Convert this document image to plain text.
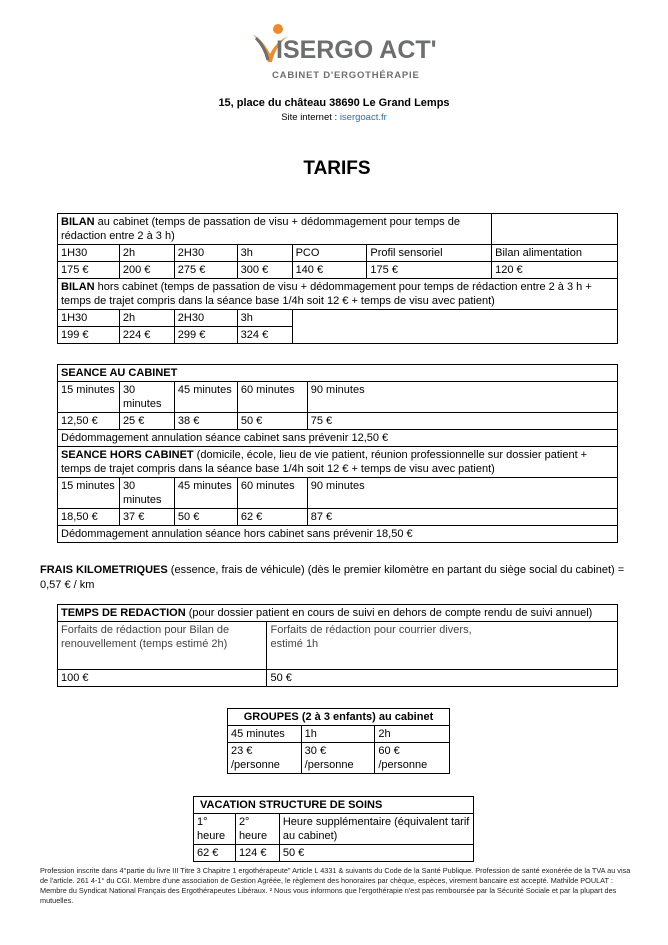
ISERGO ACT'
CABINET D'ERGOTHÉRAPIE
15, place du château 38690 Le Grand Lemps
Site internet : isergoact.fr
TARIFS
BILAN au cabinet (temps de passation de visu + dédommagement pour temps de rédaction entre 2 à 3 h)						
1H30	2h	2H30	3h	PCO	Profil sensoriel	Bilan alimentation
175 €	200 €	275 €	300 €	140 €	175 €	120 €
BILAN hors cabinet (temps de passation de visu + dédommagement pour temps de rédaction entre 2 à 3 h + temps de trajet compris dans la séance base 1/4h soit 12 € + temps de visu avec patient)						
1H30	2h	2H30	3h			
199 €	224 €	299 €	324 €			
SEANCE AU CABINET				
15 minutes	30 minutes	45 minutes	60 minutes	90 minutes
12,50 €	25 €	38 €	50 €	75 €
Dédommagement annulation séance cabinet sans prévenir 12,50 €				
SEANCE HORS CABINET (domicile, école, lieu de vie patient, réunion professionnelle sur dossier patient + temps de trajet compris dans la séance base 1/4h soit 12 € + temps de visu avec patient)				
15 minutes	30 minutes	45 minutes	60 minutes	90 minutes
18,50 €	37 €	50 €	62 €	87 €
Dédommagement annulation séance hors cabinet sans prévenir 18,50 €				
FRAIS KILOMETRIQUES (essence, frais de véhicule) (dès le premier kilomètre en partant du siège social du cabinet) = 0,57 € / km
TEMPS DE REDACTION (pour dossier patient en cours de suivi en dehors de compte rendu de suivi annuel)	
Forfaits de rédaction pour Bilan de renouvellement (temps estimé 2h)	Forfaits de rédaction pour courrier divers, estimé 1h

100 €	50 €
GROUPES (2 à 3 enfants) au cabinet		
45 minutes	1h	2h
23 € /personne	30 € /personne	60 € /personne
VACATION STRUCTURE DE SOINS		
1° heure	2° heure	Heure supplémentaire (équivalent tarif au cabinet)
62 €	124 €	50 €
Profession inscrite dans 4°partie du livre III Titre 3 Chapitre 1 ergothérapeute" Article L 4331 & suivants du Code de la Santé Publique. Profession de santé exonérée de la TVA au visa de l'article. 261 4-1° du CGI. Membre d'une association de Gestion Agréée, le règlement des honoraires par chèque, espèces, virement bancaire est accepté. Mathilde POULAT : Membre du Syndicat National Français des Ergothérapeutes Libéraux. ² Nous vous informons que l'ergothérapie n'est pas remboursée par la Sécurité Sociale et par la plupart des mutuelles.
